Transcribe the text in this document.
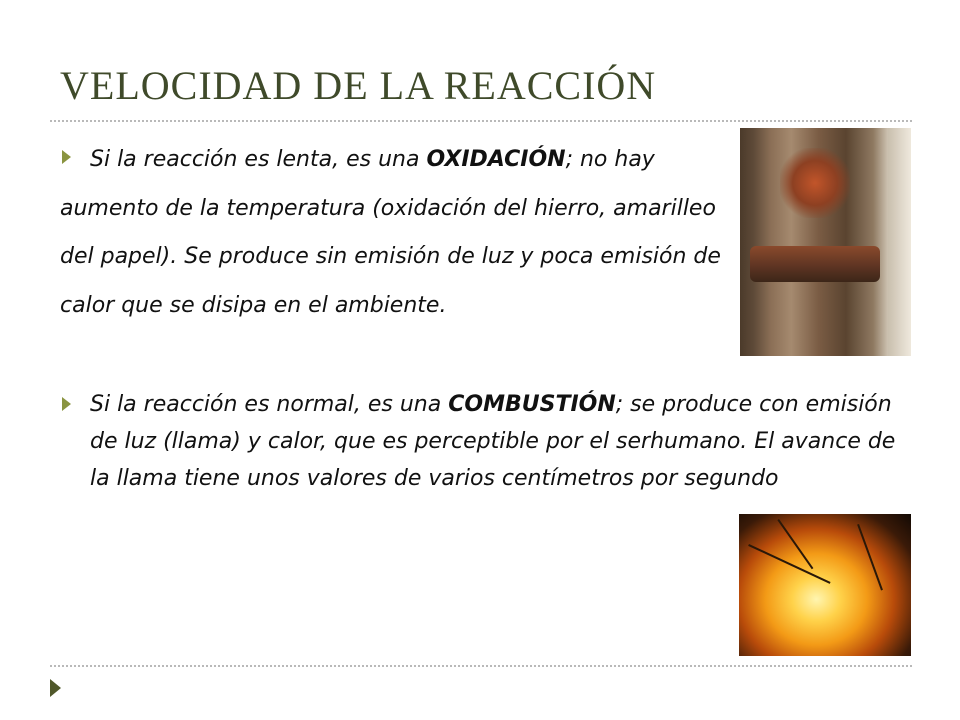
VELOCIDAD DE LA REACCIÓN
Si la reacción es lenta, es una OXIDACIÓN; no hay aumento de la temperatura (oxidación del hierro, amarilleo del papel). Se produce sin emisión de luz y poca emisión de calor que se disipa en el ambiente.
Si la reacción es normal, es una COMBUSTIÓN; se produce con emisión de luz (llama) y calor, que es perceptible por el serhumano. El avance de la llama tiene unos valores de varios centímetros por segundo
